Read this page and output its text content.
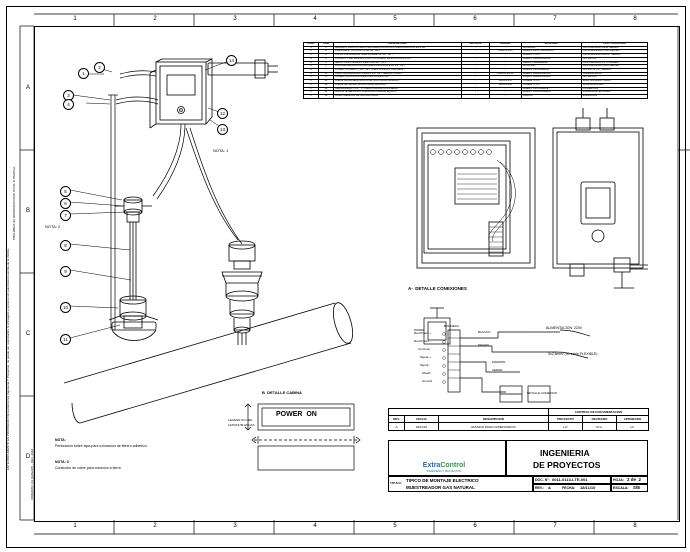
1	2	3	4	5	6	7	8
1	2	3	4	5	6	7	8
A
B
C
D
PROHIBIDA SU REPRODUCCION TOTAL O PARCIAL
ESTE DOCUMENTO ES PROPIEDAD DE ExtraControl Ingenieria Y Proyectos, no puede ser reproducido ni entregado a terceros sin autorizacion escrita de la misma.
FORMATO: A3 (420x297) - REV. 2010
1
2
3
4
5
6
7
8
9
10
11
12
13
14
CANT.	ITEM	DESCRIPCION	DETALLE	NORMA	MATERIAL	TIPO / CATALOGO
1	1	ARMARIO PARA CONEXIONES ELECTRICAS ANTIDEFLAGRANTE Ex-d IIB	-	-	ALUMINIO	CROUSE-HINDS EJB SERIES
1	2	PRENSAESTOPA MULTIPLE 3/4" NPT	-	ANSI B.1.20	ACERO INOX / ALUMINIO	CROUSE-HINDS CGB SERIES
2	3	UNION FLEXIBLE ANTIDEFLAGRANTE 1/2" NPT	-	-	ACERO / PVC	CROUSE-HINDS ECLK SERIES
6	4	CONDUIT FLEXIBLE ESTANCO A PRUEBA DE EXPLOSION 1/2"	-	-	ACERO GALVANIZADO	APPLETON
1	5	SELLO CORTAFUEGO VERTICAL 1/2" NPT	-	-	HIERRO MALEABLE	CROUSE-HINDS EYS SERIES
2	6	CAJA DE DERIVACION ANTIDEFLAGRANTE Ex-d 1/2" NPT	-	-	ALUMINIO	CROUSE-HINDS GUA SERIES
4	7	CONECTOR RECTO 1/2" NPT PARA CONDUIT FLEXIBLE	-	-	ACERO INOXIDABLE	APPLETON ST SERIES
1	8	CAÑO GALVANIZADO RIGIDO 1/2" NPT SEGUN PLANO	-	ANSI B.36.10	ACERO GALVANIZADO	CAÑERIA IRAM
2	9	CONECTOR UNION PARA CAÑO RIGIDO 1/2"	-	-	ACERO GALVANIZADO	APPLETON
1	10	CABLE DE ALIMENTACION 3x2,5mm² APANTALLADO	-	IRAM 2178	COBRE / PVC	IMSA SINTENAX VALIO
1	11	CABLE DE SEÑAL 2x1mm² APANTALLADO	-	IRAM 2268	COBRE / PVC	IMSA ARMOFLEX
2	12	ABRAZADERA TIPO "U" PARA FIJACION A CAÑERIA	-	-	ACERO INOXIDABLE	COMERCIAL
1	13	SOPORTE METALICO PARA MONTAJE DE EQUIPO	-	-	ACERO GALVANIZADO	A FABRICAR EN OBRA
1	14	MUESTREADOR DE GAS NATURAL	-	-	VARIOS	ExtraControl
NOTA: 1
NOTA: 2
B  DETALLE CABINA
LEGEND NO LED
LETRAS BLANCAS
POWER  ON
A-  DETALLE CONEXIONES
BORNERA
Red Power +
Red Power -
Common
Signal +
Signal -
Shield
Ground
BLANCO
NEGRO
MARRON
VERDE
DETALLE CONEXION
ALIMENTACION  220V
3x2,5mm² (90 cable FLEXIBLE)
NOTA:
Perforacion sobre tapa para colocacion de letrero adhesivo.
NOTA: 3
Conductor de cobre para conexion a tierra.
			CONTROL DE DOCUMENTACION		
REV.	FECHA	DESCRIPCION	PROYECTO	REVISADO	APROBADO
A	18/11/10	EMISION PARA COMENTARIOS	L.P.	M.G.	J.C.
ExtraControl
INGENIERIA Y PROYECTOS
INGENIERIA
DE PROYECTOS
TITULO: TIPICO DE MONTAJE ELECTRICO
MUESTREADOR GAS NATURAL
DOC. N°: 0011-0113-I-TE-001	HOJA: 2 de  2
REV.: A	FECHA: 18/11/10	ESCALA: S/E
